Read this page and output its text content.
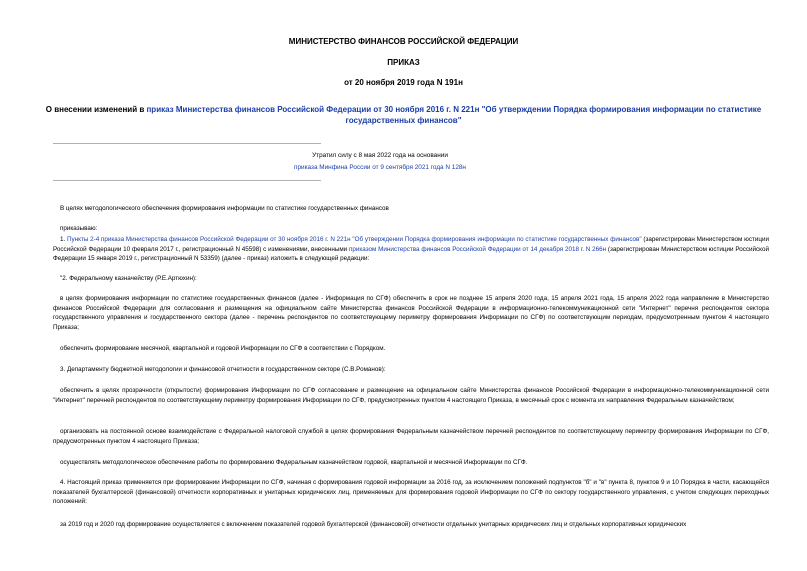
МИНИСТЕРСТВО ФИНАНСОВ РОССИЙСКОЙ ФЕДЕРАЦИИ
ПРИКАЗ
от 20 ноября 2019 года N 191н
О внесении изменений в приказ Министерства финансов Российской Федерации от 30 ноября 2016 г. N 221н "Об утверждении Порядка формирования информации по статистике государственных финансов"
Утратил силу с 8 мая 2022 года на основании
приказа Минфина России от 9 сентября 2021 года N 128н
В целях методологического обеспечения формирования информации по статистике государственных финансов
приказываю:
1. Пункты 2-4 приказа Министерства финансов Российской Федерации от 30 ноября 2016 г. N 221н "Об утверждении Порядка формирования информации по статистике государственных финансов" (зарегистрирован Министерством юстиции Российской Федерации 10 февраля 2017 г., регистрационный N 45598) с изменениями, внесенными приказом Министерства финансов Российской Федерации от 14 декабря 2018 г. N 266н (зарегистрирован Министерством юстиции Российской Федерации 15 января 2019 г., регистрационный N 53359) (далее - приказ) изложить в следующей редакции:
"2. Федеральному казначейству (Р.Е.Артюхин):
в целях формирования информации по статистике государственных финансов (далее - Информация по СГФ) обеспечить в срок не позднее 15 апреля 2020 года, 15 апреля 2021 года, 15 апреля 2022 года направление в Министерство финансов Российской Федерации для согласования и размещения на официальном сайте Министерства финансов Российской Федерации в информационно-телекоммуникационной сети "Интернет" перечня респондентов сектора государственного управления и государственного сектора (далее - перечень респондентов по соответствующему периметру формирования Информации по СГФ) по соответствующим периодам, предусмотренным пунктом 4 настоящего Приказа;
обеспечить формирование месячной, квартальной и годовой Информации по СГФ в соответствии с Порядком.
3. Департаменту бюджетной методологии и финансовой отчетности в государственном секторе (С.В.Романов):
обеспечить в целях прозрачности (открытости) формирования Информации по СГФ согласование и размещение на официальном сайте Министерства финансов Российской Федерации в информационно-телекоммуникационной сети "Интернет" перечней респондентов по соответствующему периметру формирования Информации по СГФ, предусмотренных пунктом 4 настоящего Приказа, в месячный срок с момента их направления Федеральным казначейством;
организовать на постоянной основе взаимодействие с Федеральной налоговой службой в целях формирования Федеральным казначейством перечней респондентов по соответствующему периметру формирования Информации по СГФ, предусмотренных пунктом 4 настоящего Приказа;
осуществлять методологическое обеспечение работы по формированию Федеральным казначейством годовой, квартальной и месячной Информации по СГФ.
4. Настоящий приказ применяется при формировании Информации по СГФ, начиная с формирования годовой информации за 2016 год, за исключением положений подпунктов "б" и "в" пункта 8, пунктов 9 и 10 Порядка в части, касающейся показателей бухгалтерской (финансовой) отчетности корпоративных и унитарных юридических лиц, применяемых для формирования годовой Информации по СГФ по сектору государственного управления, с учетом следующих переходных положений:
за 2019 год и 2020 год формирование осуществляется с включением показателей годовой бухгалтерской (финансовой) отчетности отдельных унитарных юридических лиц и отдельных корпоративных юридических
